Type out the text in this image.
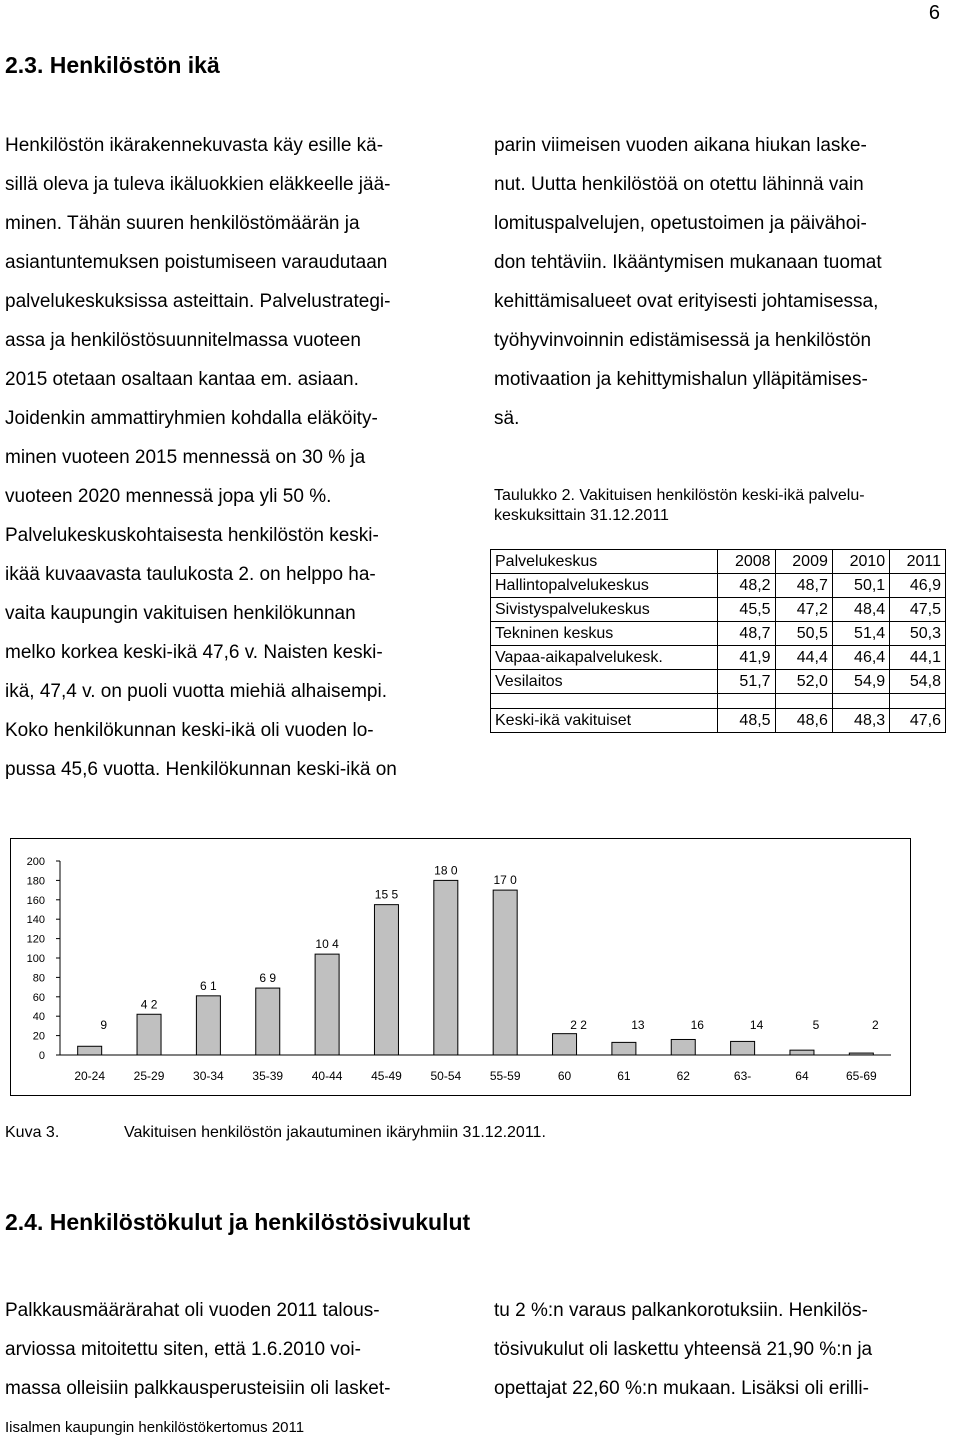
6
2.3. Henkilöstön ikä

Henkilöstön ikärakennekuvasta käy esille kä-

sillä oleva ja tuleva ikäluokkien eläkkeelle jää-

minen. Tähän suuren henkilöstömäärän ja

asiantuntemuksen poistumiseen varaudutaan

palvelukeskuksissa asteittain. Palvelustrategi-

assa ja henkilöstösuunnitelmassa vuoteen

2015 otetaan osaltaan kantaa em. asiaan.

Joidenkin ammattiryhmien kohdalla eläköity-

minen vuoteen 2015 mennessä on 30 % ja

vuoteen 2020 mennessä jopa yli 50 %.

Palvelukeskuskohtaisesta henkilöstön keski-

ikää kuvaavasta taulukosta 2. on helppo ha-

vaita kaupungin vakituisen henkilökunnan

melko korkea keski-ikä 47,6 v. Naisten keski-

ikä, 47,4 v. on puoli vuotta miehiä alhaisempi.

Koko henkilökunnan keski-ikä oli vuoden lo-

pussa 45,6 vuotta. Henkilökunnan keski-ikä on

parin viimeisen vuoden aikana hiukan laske-

nut. Uutta henkilöstöä on otettu lähinnä vain

lomituspalvelujen, opetustoimen ja päivähoi-

don tehtäviin. Ikääntymisen mukanaan tuomat

kehittämisalueet ovat erityisesti johtamisessa,

työhyvinvoinnin edistämisessä ja henkilöstön

motivaation ja kehittymishalun ylläpitämises-

sä.

Taulukko 2. Vakituisen henkilöstön keski-ikä palvelu-
keskuksittain 31.12.2011
Palvelukeskus	2008	2009	2010	2011
Hallintopalvelukeskus	48,2	48,7	50,1	46,9
Sivistyspalvelukeskus	45,5	47,2	48,4	47,5
Tekninen keskus	48,7	50,5	51,4	50,3
Vapaa-aikapalvelukesk.	41,9	44,4	46,4	44,1
Vesilaitos	51,7	52,0	54,9	54,8

Keski-ikä vakituiset	48,5	48,6	48,3	47,6
0
20
40
60
80
100
120
140
160
180
200
9
20-24
4 2
25-29
6 1
30-34
6 9
35-39
10 4
40-44
15 5
45-49
18 0
50-54
17 0
55-59
2 2
60
13
61
16
62
14
63-
5
64
2
65-69
Kuva 3.	Vakituisen henkilöstön jakautuminen ikäryhmiin 31.12.2011.
2.4. Henkilöstökulut ja henkilöstösivukulut

Palkkausmäärärahat oli vuoden 2011 talous-

arviossa mitoitettu siten, että 1.6.2010 voi-

massa olleisiin palkkausperusteisiin oli lasket-

tu 2 %:n varaus palkankorotuksiin. Henkilös-

tösivukulut oli laskettu yhteensä 21,90 %:n ja

opettajat 22,60 %:n mukaan. Lisäksi oli erilli-

Iisalmen kaupungin henkilöstökertomus 2011
